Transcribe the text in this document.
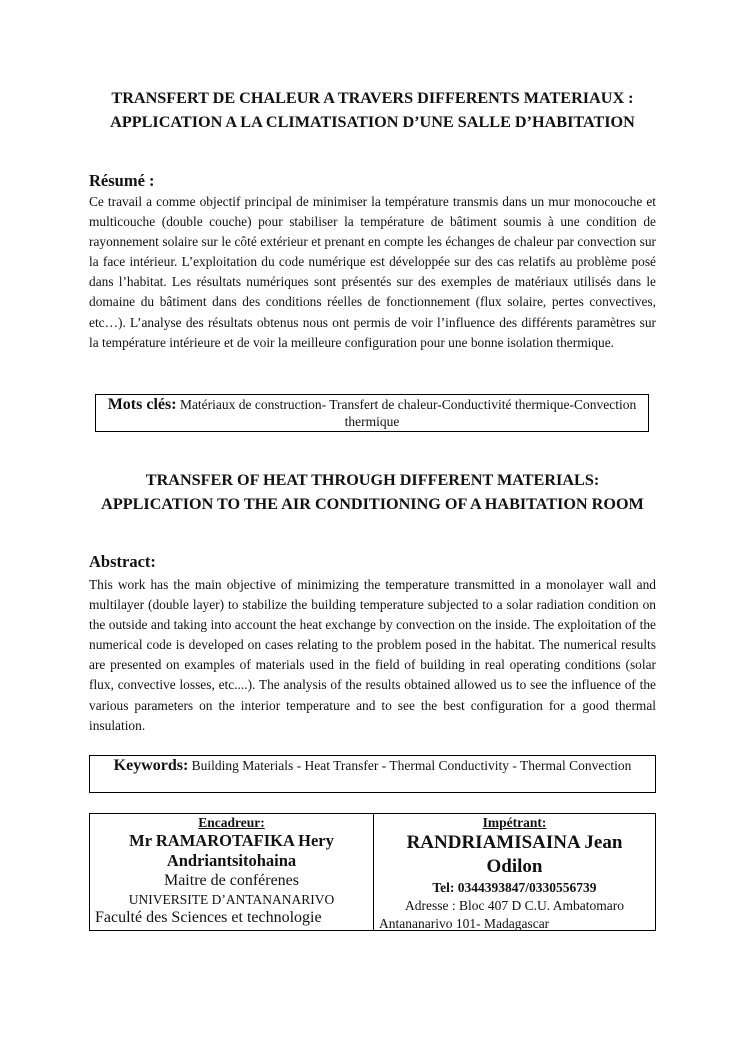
TRANSFERT DE CHALEUR A TRAVERS DIFFERENTS MATERIAUX : APPLICATION A LA CLIMATISATION D’UNE SALLE D’HABITATION
Résumé :
Ce travail a comme objectif principal de minimiser la température transmis dans un mur monocouche et multicouche (double couche) pour stabiliser la température de bâtiment soumis à une condition de rayonnement solaire sur le côté extérieur et prenant en compte les échanges de chaleur par convection sur la face intérieur. L’exploitation du code numérique est développée sur des cas relatifs au problème posé dans l’habitat. Les résultats numériques sont présentés sur des exemples de matériaux utilisés dans le domaine du bâtiment dans des conditions réelles de fonctionnement (flux solaire, pertes convectives, etc…). L’analyse des résultats obtenus nous ont permis de voir l’influence des différents paramètres sur la température intérieure et de voir la meilleure configuration pour une bonne isolation thermique.
Mots clés: Matériaux de construction- Transfert de chaleur-Conductivité thermique-Convection thermique
TRANSFER OF HEAT THROUGH DIFFERENT MATERIALS: APPLICATION TO THE AIR CONDITIONING OF A HABITATION ROOM
Abstract:
This work has the main objective of minimizing the temperature transmitted in a monolayer wall and multilayer (double layer) to stabilize the building temperature subjected to a solar radiation condition on the outside and taking into account the heat exchange by convection on the inside. The exploitation of the numerical code is developed on cases relating to the problem posed in the habitat. The numerical results are presented on examples of materials used in the field of building in real operating conditions (solar flux, convective losses, etc....). The analysis of the results obtained allowed us to see the influence of the various parameters on the interior temperature and to see the best configuration for a good thermal insulation.
Keywords: Building Materials - Heat Transfer - Thermal Conductivity - Thermal Convection
Encadreur:
Mr RAMAROTAFIKA Hery Andriantsitohaina
Maitre de conférenes
UNIVERSITE D’ANTANANARIVO
Faculté des Sciences et technologie
Impétrant:
RANDRIAMISAINA Jean Odilon
Tel: 0344393847/0330556739
Adresse : Bloc 407 D C.U. Ambatomaro
Antananarivo 101- Madagascar
